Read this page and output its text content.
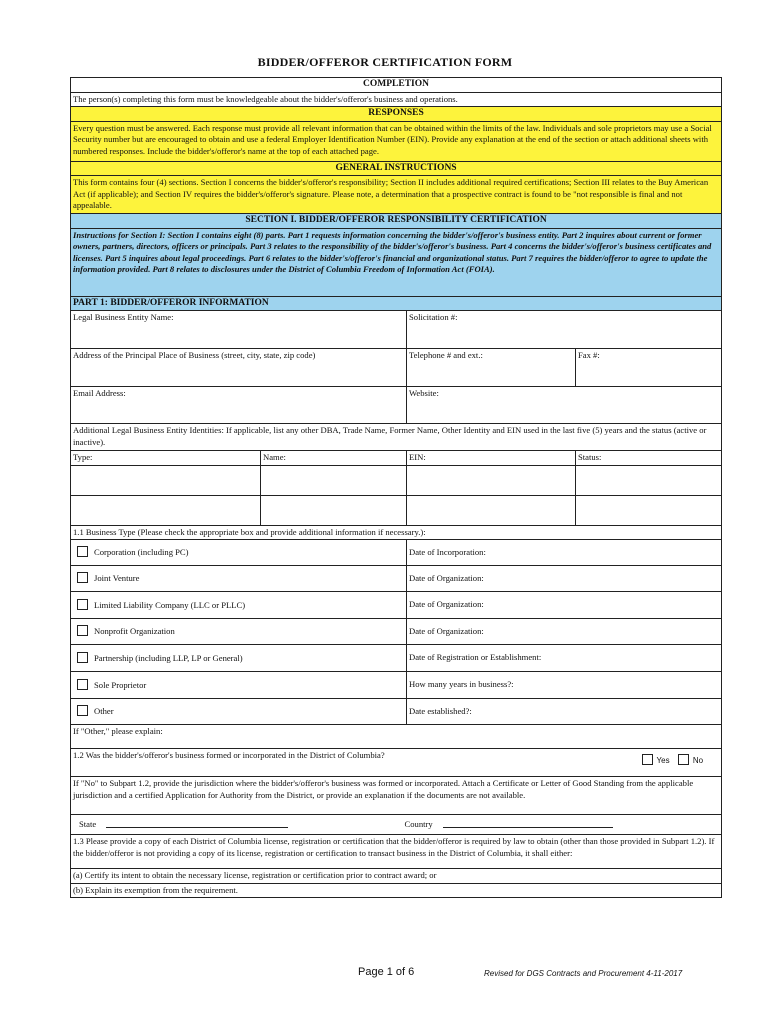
BIDDER/OFFEROR CERTIFICATION FORM
COMPLETION			
The person(s) completing this form must be knowledgeable about the bidder's/offeror's business and operations.			
RESPONSES			
Every question must be answered. Each response must provide all relevant information that can be obtained within the limits of the law. Individuals and sole proprietors may use a Social Security number but are encouraged to obtain and use a federal Employer Identification Number (EIN). Provide any explanation at the end of the section or attach additional sheets with numbered responses. Include the bidder's/offeror's name at the top of each attached page.			
GENERAL INSTRUCTIONS			
This form contains four (4) sections. Section I concerns the bidder's/offeror's responsibility; Section II includes additional required certifications; Section III relates to the Buy American Act (if applicable); and Section IV requires the bidder's/offeror's signature. Please note, a determination that a prospective contract is found to be "not responsible is final and not appealable.			
SECTION I. BIDDER/OFFEROR RESPONSIBILITY CERTIFICATION			
Instructions for Section I: Section I contains eight (8) parts. Part 1 requests information concerning the bidder's/offeror's business entity. Part 2 inquires about current or former owners, partners, directors, officers or principals. Part 3 relates to the responsibility of the bidder's/offeror's business. Part 4 concerns the bidder's/offeror's business certificates and licenses. Part 5 inquires about legal proceedings. Part 6 relates to the bidder's/offeror's financial and organizational status. Part 7 requires the bidder/offeror to agree to update the information provided. Part 8 relates to disclosures under the District of Columbia Freedom of Information Act (FOIA).			
PART 1: BIDDER/OFFEROR INFORMATION			
Legal Business Entity Name:		Solicitation #:	
Address of the Principal Place of Business (street, city, state, zip code)		Telephone # and ext.:	Fax #:
Email Address:		Website:	
Additional Legal Business Entity Identities: If applicable, list any other DBA, Trade Name, Former Name, Other Identity and EIN used in the last five (5) years and the status (active or inactive).			
Type:	Name:	EIN:	Status:

1.1 Business Type (Please check the appropriate box and provide additional information if necessary.):			
Corporation (including PC)		Date of Incorporation:	
Joint Venture		Date of Organization:	
Limited Liability Company (LLC or PLLC)		Date of Organization:	
Nonprofit Organization		Date of Organization:	
Partnership (including LLP, LP or General)		Date of Registration or Establishment:	
Sole Proprietor		How many years in business?:	
Other		Date established?:	
If "Other," please explain:			

Yes No
1.2 Was the bidder's/offeror's business formed or incorporated in the District of Columbia?			
If "No" to Subpart 1.2, provide the jurisdiction where the bidder's/offeror's business was formed or incorporated. Attach a Certificate or Letter of Good Standing from the applicable jurisdiction and a certified Application for Authority from the District, or provide an explanation if the documents are not available.			
State Country			
1.3 Please provide a copy of each District of Columbia license, registration or certification that the bidder/offeror is required by law to obtain (other than those provided in Subpart 1.2). If the bidder/offeror is not providing a copy of its license, registration or certification to transact business in the District of Columbia, it shall either:			
(a) Certify its intent to obtain the necessary license, registration or certification prior to contract award; or			
(b) Explain its exemption from the requirement.			
Page 1 of 6	Revised for DGS Contracts and Procurement 4-11-2017
